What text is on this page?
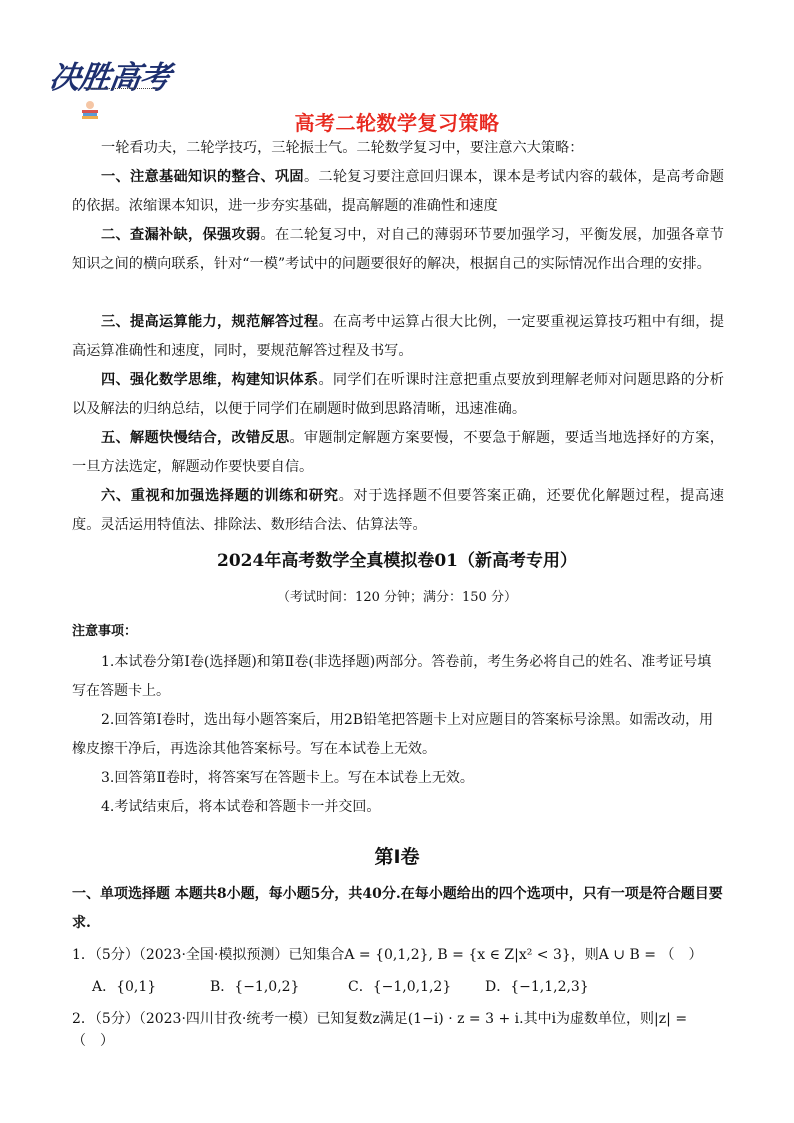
决胜高考
高考二轮数学复习策略

一轮看功夫，二轮学技巧，三轮振士气。二轮数学复习中，要注意六大策略：

一、注意基础知识的整合、巩固。二轮复习要注意回归课本，课本是考试内容的载体，是高考命题的依据。浓缩课本知识，进一步夯实基础，提高解题的准确性和速度

二、查漏补缺，保强攻弱。在二轮复习中，对自己的薄弱环节要加强学习，平衡发展，加强各章节知识之间的横向联系，针对“一模”考试中的问题要很好的解决，根据自己的实际情况作出合理的安排。

三、提高运算能力，规范解答过程。在高考中运算占很大比例，一定要重视运算技巧粗中有细，提高运算准确性和速度，同时，要规范解答过程及书写。

四、强化数学思维，构建知识体系。同学们在听课时注意把重点要放到理解老师对问题思路的分析以及解法的归纳总结，以便于同学们在刷题时做到思路清晰，迅速准确。

五、解题快慢结合，改错反思。审题制定解题方案要慢，不要急于解题，要适当地选择好的方案，一旦方法选定，解题动作要快要自信。

六、重视和加强选择题的训练和研究。对于选择题不但要答案正确，还要优化解题过程，提高速度。灵活运用特值法、排除法、数形结合法、估算法等。

2024年高考数学全真模拟卷01（新高考专用）
（考试时间：120 分钟；满分：150 分）
注意事项：

1.本试卷分第Ⅰ卷(选择题)和第Ⅱ卷(非选择题)两部分。答卷前，考生务必将自己的姓名、准考证号填写在答题卡上。

2.回答第Ⅰ卷时，选出每小题答案后，用2B铅笔把答题卡上对应题目的答案标号涂黑。如需改动，用橡皮擦干净后，再选涂其他答案标号。写在本试卷上无效。

3.回答第Ⅱ卷时，将答案写在答题卡上。写在本试卷上无效。

4.考试结束后，将本试卷和答题卡一并交回。

第Ⅰ卷

一、单项选择题 本题共8小题，每小题5分，共40分.在每小题给出的四个选项中，只有一项是符合题目要求.

1．（5分）（2023·全国·模拟预测）已知集合A = {0,1,2}, B = {x ∈ Z|x² < 3}，则A ∪ B = （　）

A．{0,1}	B．{−1,0,2}	C．{−1,0,1,2} D．{−1,1,2,3}

2．（5分）（2023·四川甘孜·统考一模）已知复数z满足(1−i) · z = 3 + i.其中i为虚数单位，则|z| = （　）
